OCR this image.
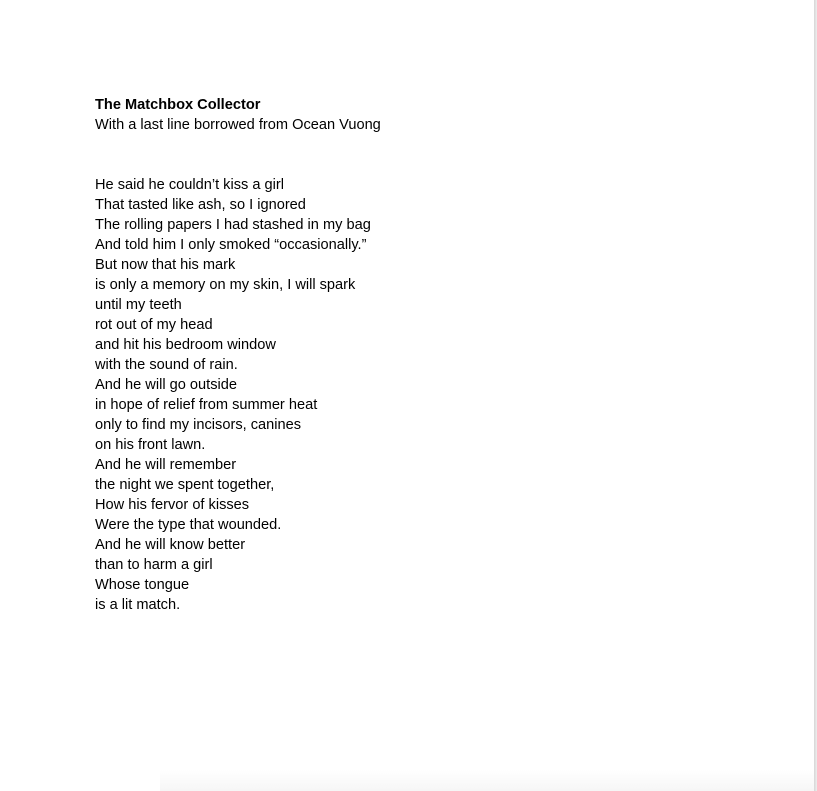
The Matchbox Collector

With a last line borrowed from Ocean Vuong

He said he couldn’t kiss a girl
That tasted like ash, so I ignored
The rolling papers I had stashed in my bag
And told him I only smoked “occasionally.”
But now that his mark
is only a memory on my skin, I will spark
until my teeth
rot out of my head
and hit his bedroom window
with the sound of rain.
And he will go outside
in hope of relief from summer heat
only to find my incisors, canines
on his front lawn.
And he will remember
the night we spent together,
How his fervor of kisses
Were the type that wounded.
And he will know better
than to harm a girl
Whose tongue
is a lit match.
